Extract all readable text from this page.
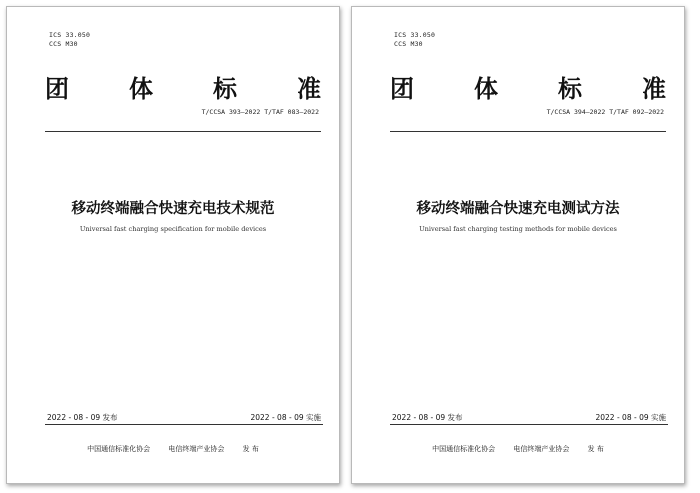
ICS 33.050
CCS M30
团	体	标	准
T/CCSA 393—2022 T/TAF 083—2022
移动终端融合快速充电技术规范
Universal fast charging specification for mobile devices
2022 - 08 - 09 发布	2022 - 08 - 09 实施
中国通信标准化协会	电信终端产业协会	发 布
ICS 33.050
CCS M30
团	体	标	准
T/CCSA 394—2022 T/TAF 092—2022
移动终端融合快速充电测试方法
Universal fast charging testing methods for mobile devices
2022 - 08 - 09 发布	2022 - 08 - 09 实施
中国通信标准化协会	电信终端产业协会	发 布
